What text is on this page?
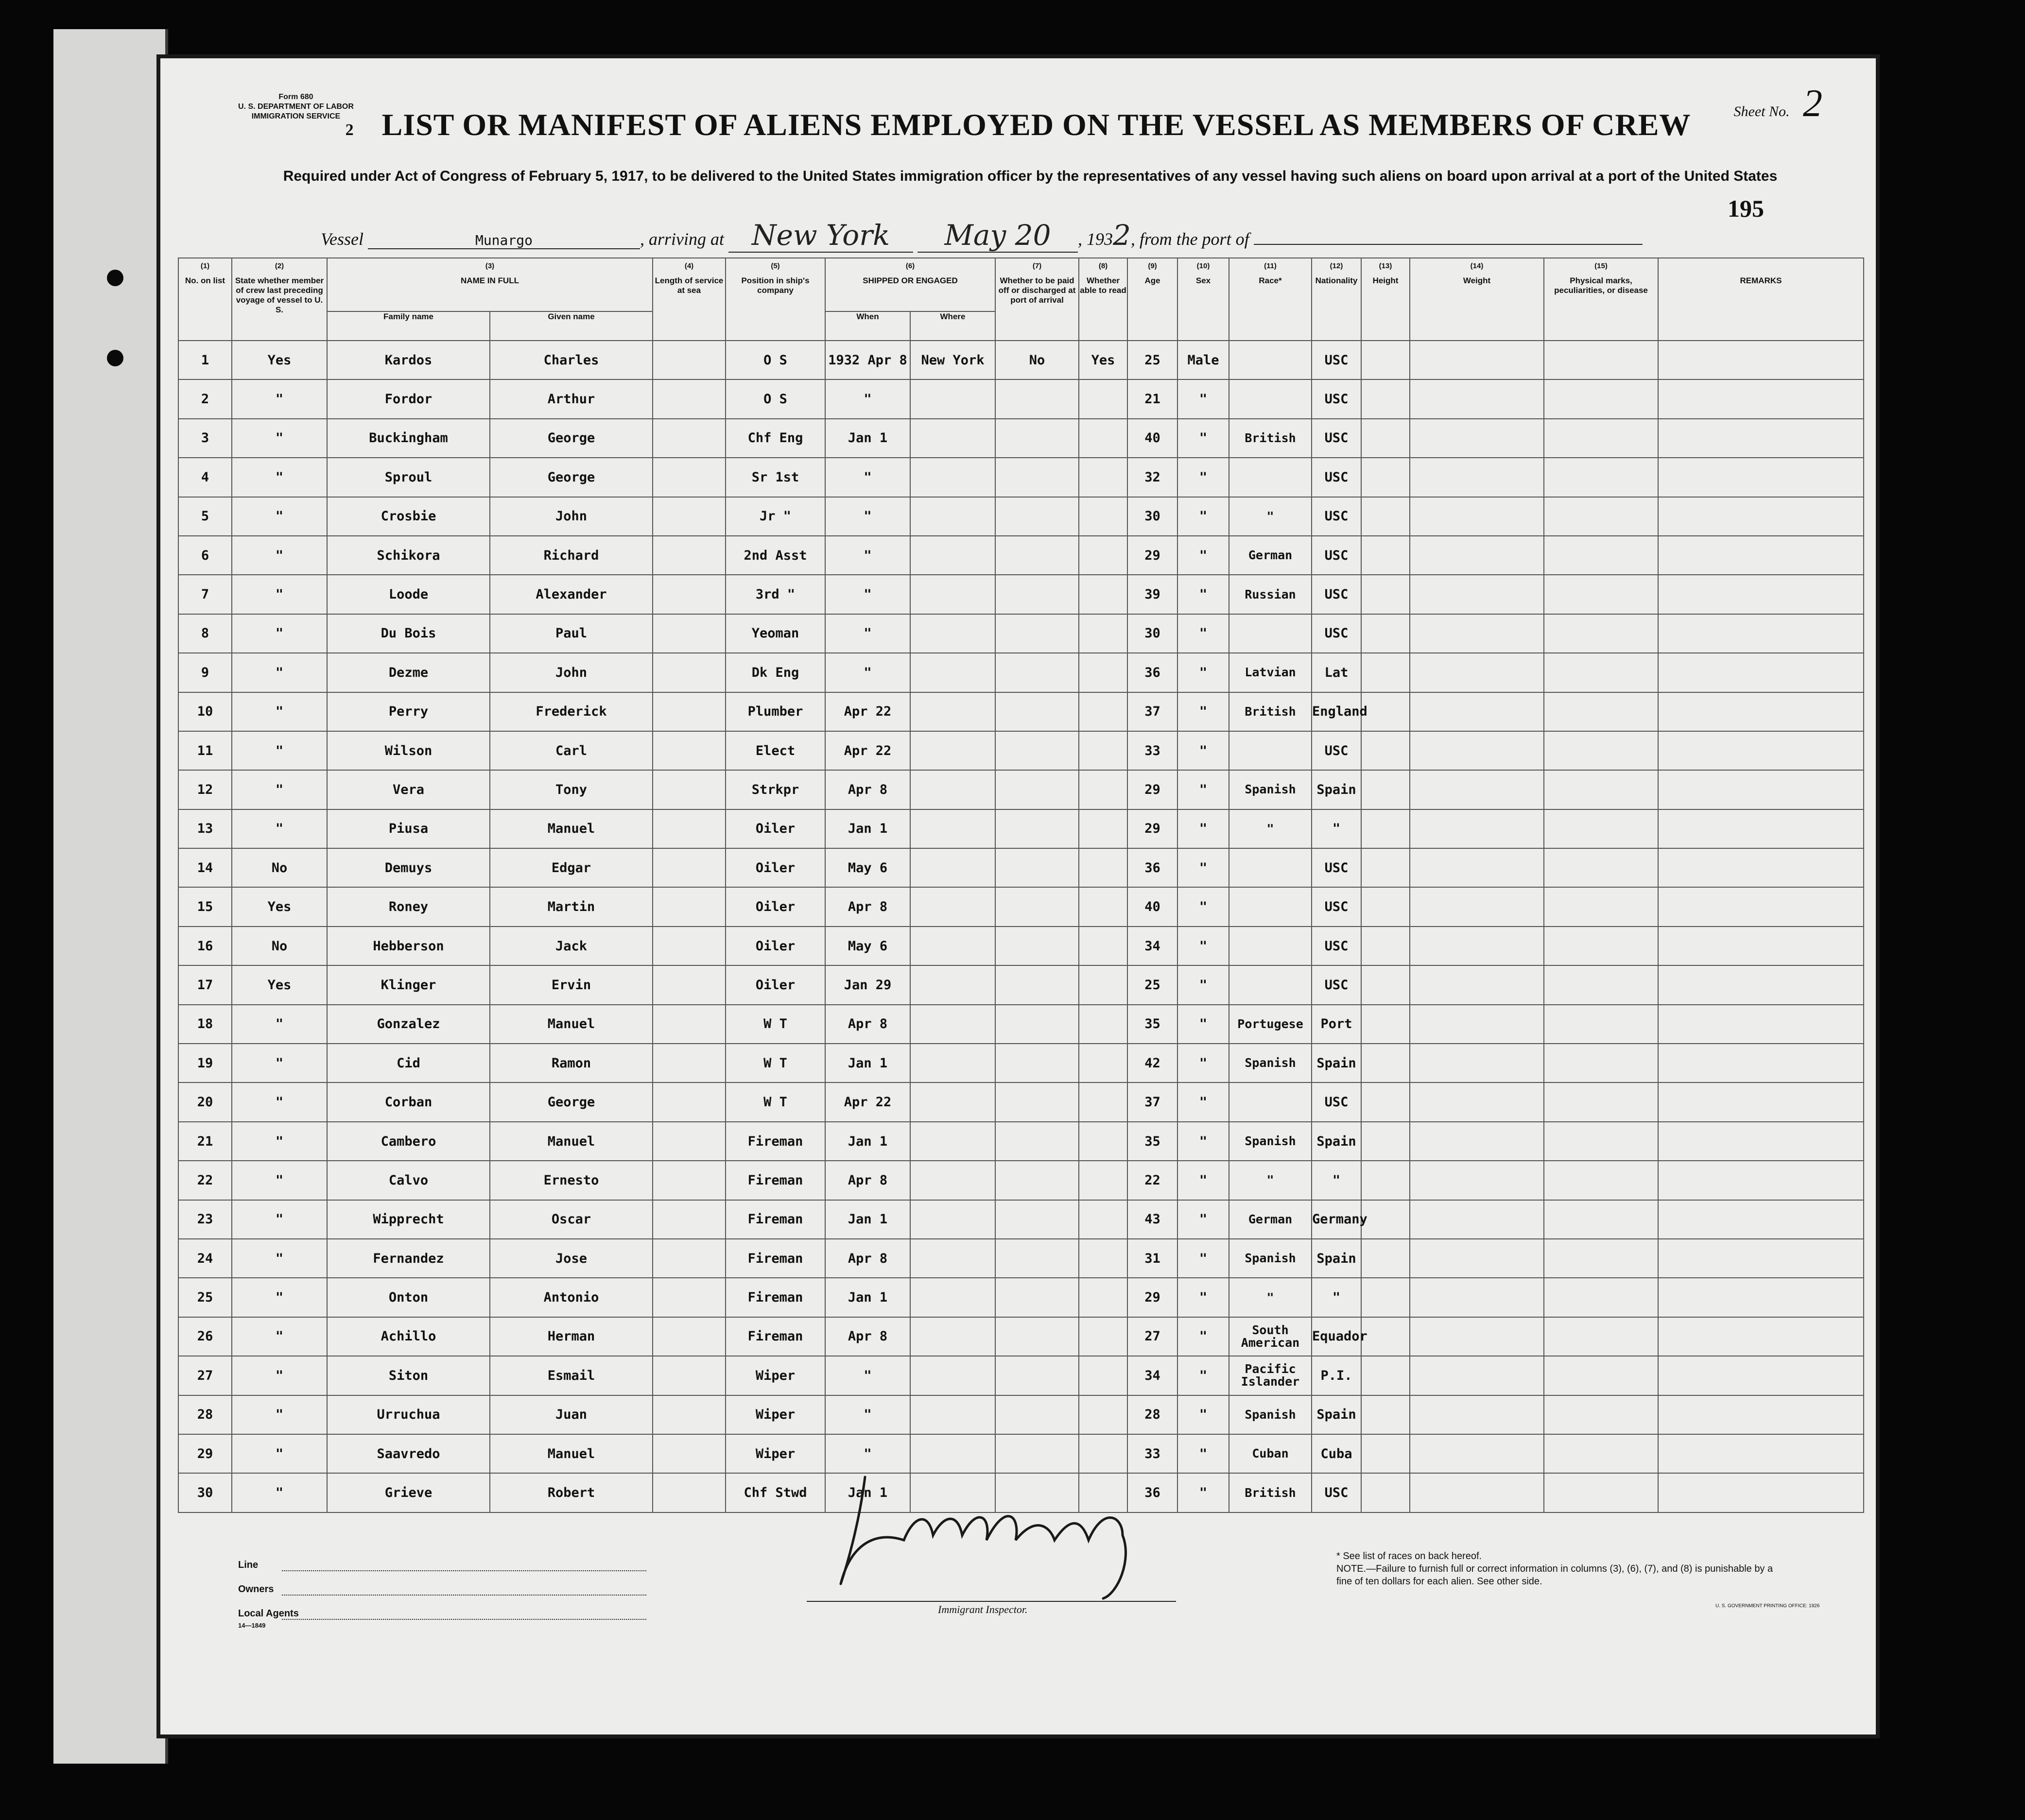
Form 680
U. S. DEPARTMENT OF LABOR
IMMIGRATION SERVICE	Sheet No. 2
2 LIST OR MANIFEST OF ALIENS EMPLOYED ON THE VESSEL AS MEMBERS OF CREW
Required under Act of Congress of February 5, 1917, to be delivered to the United States immigration officer by the representatives of any vessel having such aliens on board upon arrival at a port of the United States
195
Vessel	Munargo	, arriving at New York May 20 , 1932, from the port of
(1)
No. on list	(2)
State whether member of crew last preceding voyage of vessel to U. S.	(3)
NAME IN FULL		(4)
Length of service at sea	(5)
Position in ship's company	(6)
SHIPPED OR ENGAGED		(7)
Whether to be paid off or discharged at port of arrival	(8)
Whether able to read	(9)
Age	(10)
Sex	(11)
Race*	(12)
Nationality	(13)
Height	(14)
Weight	(15)
Physical marks, peculiarities, or disease	REMARKS
		Family name	Given name			When	Where										
1	Yes	Kardos	Charles		O S	1932 Apr 8	New York	No	Yes	25	Male		USC				
2	"	Fordor	Arthur		O S	"				21	"		USC				
3	"	Buckingham	George		Chf Eng	Jan 1				40	"	British	USC				
4	"	Sproul	George		Sr 1st	"				32	"		USC				
5	"	Crosbie	John		Jr "	"				30	"	"	USC				
6	"	Schikora	Richard		2nd Asst	"				29	"	German	USC				
7	"	Loode	Alexander		3rd "	"				39	"	Russian	USC				
8	"	Du Bois	Paul		Yeoman	"				30	"		USC				
9	"	Dezme	John		Dk Eng	"				36	"	Latvian	Lat				
10	"	Perry	Frederick		Plumber	Apr 22				37	"	British	England				
11	"	Wilson	Carl		Elect	Apr 22				33	"		USC				
12	"	Vera	Tony		Strkpr	Apr 8				29	"	Spanish	Spain				
13	"	Piusa	Manuel		Oiler	Jan 1				29	"	"	"				
14	No	Demuys	Edgar		Oiler	May 6				36	"		USC				
15	Yes	Roney	Martin		Oiler	Apr 8				40	"		USC				
16	No	Hebberson	Jack		Oiler	May 6				34	"		USC				
17	Yes	Klinger	Ervin		Oiler	Jan 29				25	"		USC				
18	"	Gonzalez	Manuel		W T	Apr 8				35	"	Portugese	Port				
19	"	Cid	Ramon		W T	Jan 1				42	"	Spanish	Spain				
20	"	Corban	George		W T	Apr 22				37	"		USC				
21	"	Cambero	Manuel		Fireman	Jan 1				35	"	Spanish	Spain				
22	"	Calvo	Ernesto		Fireman	Apr 8				22	"	"	"				
23	"	Wipprecht	Oscar		Fireman	Jan 1				43	"	German	Germany				
24	"	Fernandez	Jose		Fireman	Apr 8				31	"	Spanish	Spain				
25	"	Onton	Antonio		Fireman	Jan 1				29	"	"	"				
26	"	Achillo	Herman		Fireman	Apr 8				27	"	South American	Equador				
27	"	Siton	Esmail		Wiper	"				34	"	Pacific Islander	P.I.				
28	"	Urruchua	Juan		Wiper	"				28	"	Spanish	Spain				
29	"	Saavredo	Manuel		Wiper	"				33	"	Cuban	Cuba				
30	"	Grieve	Robert		Chf Stwd	Jan 1				36	"	British	USC				
Line
Owners
Local Agents
14—1849
Immigrant Inspector.
* See list of races on back hereof.
NOTE.—Failure to furnish full or correct information in columns (3), (6), (7), and (8) is punishable by a fine of ten dollars for each alien. See other side.
U. S. GOVERNMENT PRINTING OFFICE: 1926
